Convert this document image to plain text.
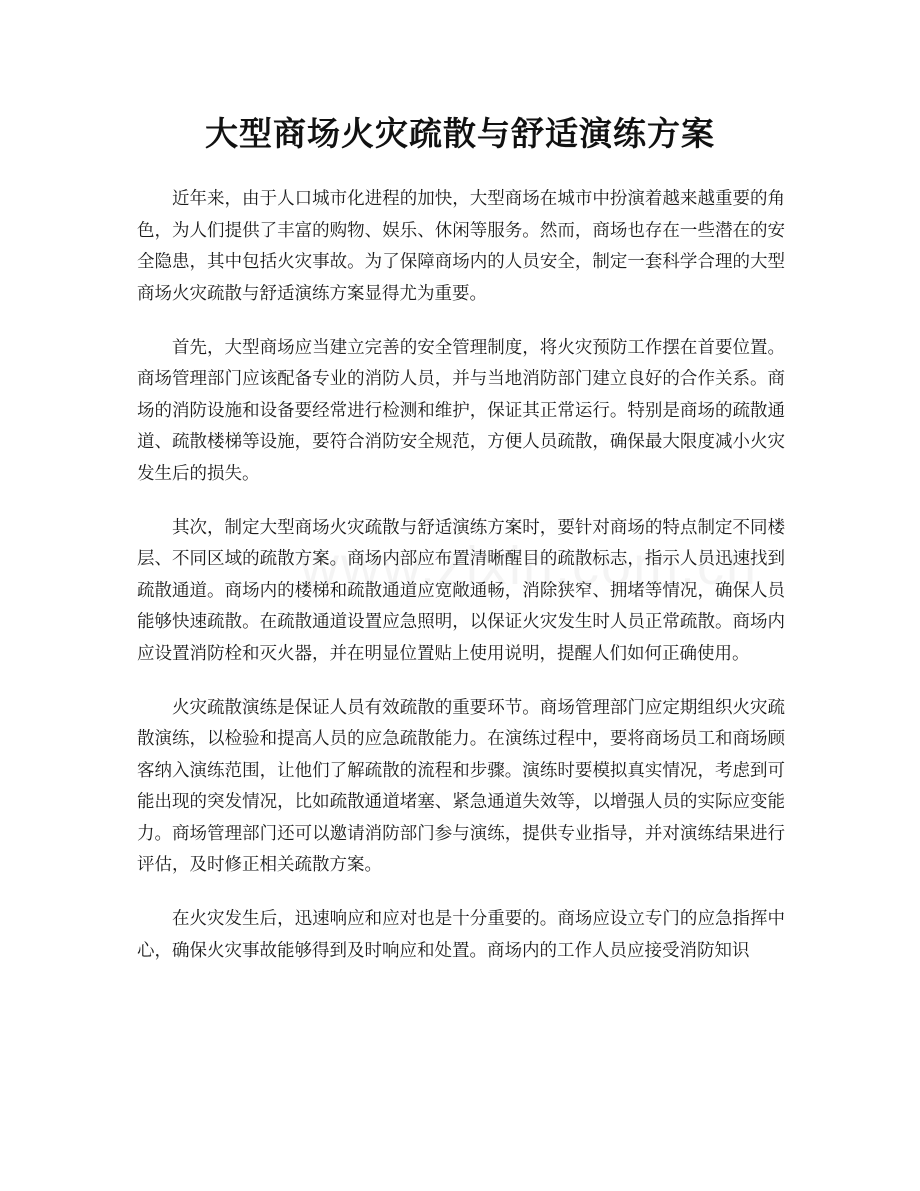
大型商场火灾疏散与舒适演练方案

近年来，由于人口城市化进程的加快，大型商场在城市中扮演着越来越重要的角色，为人们提供了丰富的购物、娱乐、休闲等服务。然而，商场也存在一些潜在的安全隐患，其中包括火灾事故。为了保障商场内的人员安全，制定一套科学合理的大型商场火灾疏散与舒适演练方案显得尤为重要。

首先，大型商场应当建立完善的安全管理制度，将火灾预防工作摆在首要位置。商场管理部门应该配备专业的消防人员，并与当地消防部门建立良好的合作关系。商场的消防设施和设备要经常进行检测和维护，保证其正常运行。特别是商场的疏散通道、疏散楼梯等设施，要符合消防安全规范，方便人员疏散，确保最大限度减小火灾发生后的损失。

其次，制定大型商场火灾疏散与舒适演练方案时，要针对商场的特点制定不同楼层、不同区域的疏散方案。商场内部应布置清晰醒目的疏散标志，指示人员迅速找到疏散通道。商场内的楼梯和疏散通道应宽敞通畅，消除狭窄、拥堵等情况，确保人员能够快速疏散。在疏散通道设置应急照明，以保证火灾发生时人员正常疏散。商场内应设置消防栓和灭火器，并在明显位置贴上使用说明，提醒人们如何正确使用。

火灾疏散演练是保证人员有效疏散的重要环节。商场管理部门应定期组织火灾疏散演练，以检验和提高人员的应急疏散能力。在演练过程中，要将商场员工和商场顾客纳入演练范围，让他们了解疏散的流程和步骤。演练时要模拟真实情况，考虑到可能出现的突发情况，比如疏散通道堵塞、紧急通道失效等，以增强人员的实际应变能力。商场管理部门还可以邀请消防部门参与演练，提供专业指导，并对演练结果进行评估，及时修正相关疏散方案。

在火灾发生后，迅速响应和应对也是十分重要的。商场应设立专门的应急指挥中心，确保火灾事故能够得到及时响应和处置。商场内的工作人员应接受消防知识
